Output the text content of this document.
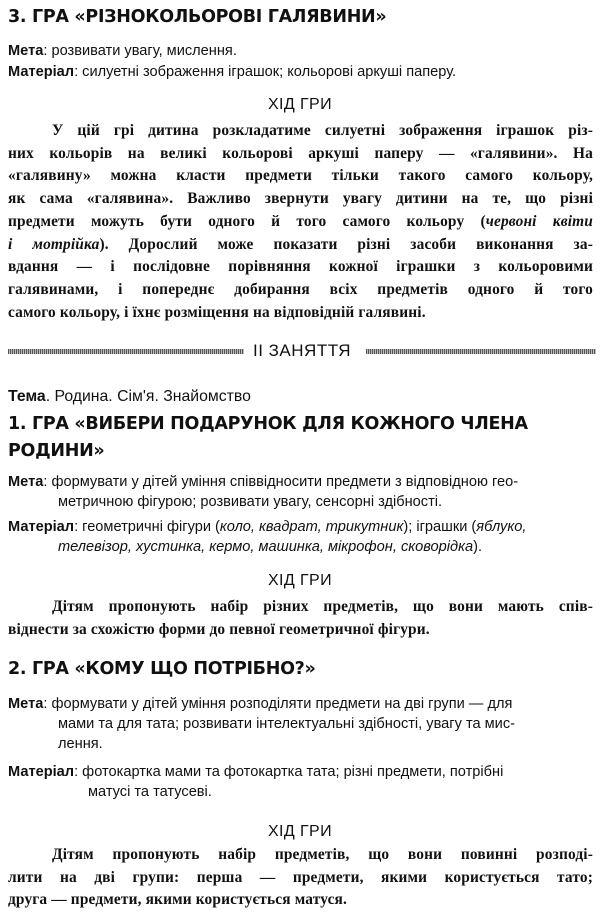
3. ГРА «РІЗНОКОЛЬОРОВІ ГАЛЯВИНИ»

Мета: розвивати увагу, мислення.

Матеріал: силуетні зображення іграшок; кольорові аркуші паперу.

ХІД ГРИ

У цій грі дитина розкладатиме силуетні зображення іграшок різ-
них кольорів на великі кольорові аркуші паперу — «галявини». На
«галявину» можна класти предмети тільки такого самого кольору,
як сама «галявина». Важливо звернути увагу дитини на те, що різні
предмети можуть бути одного й того самого кольору (червоні квіти
і мотрійка). Дорослий може показати різні засоби виконання за-
вдання — і послідовне порівняння кожної іграшки з кольоровими
галявинами, і попереднє добирання всіх предметів одного й того
самого кольору, і їхнє розміщення на відповідній галявині.
II ЗАНЯТТЯ

Тема. Родина. Сім'я. Знайомство

1. ГРА «ВИБЕРИ ПОДАРУНОК ДЛЯ КОЖНОГО ЧЛЕНА
РОДИНИ»

Мета: формувати у дітей уміння співвідносити предмети з відповідною гео-
метричною фігурою; розвивати увагу, сенсорні здібності.

Матеріал: геометричні фігури (коло, квадрат, трикутник); іграшки (яблуко,
телевізор, хустинка, кермо, машинка, мікрофон, сковорідка).

ХІД ГРИ

Дітям пропонують набір різних предметів, що вони мають спів-
віднести за схожістю форми до певної геометричної фігури.
2. ГРА «КОМУ ЩО ПОТРІБНО?»

Мета: формувати у дітей уміння розподіляти предмети на дві групи — для
мами та для тата; розвивати інтелектуальні здібності, увагу та мис-
лення.

Матеріал: фотокартка мами та фотокартка тата; різні предмети, потрібні
матусі та татусеві.

ХІД ГРИ

Дітям пропонують набір предметів, що вони повинні розподі-
лити на дві групи: перша — предмети, якими користується тато;
друга — предмети, якими користується матуся.
